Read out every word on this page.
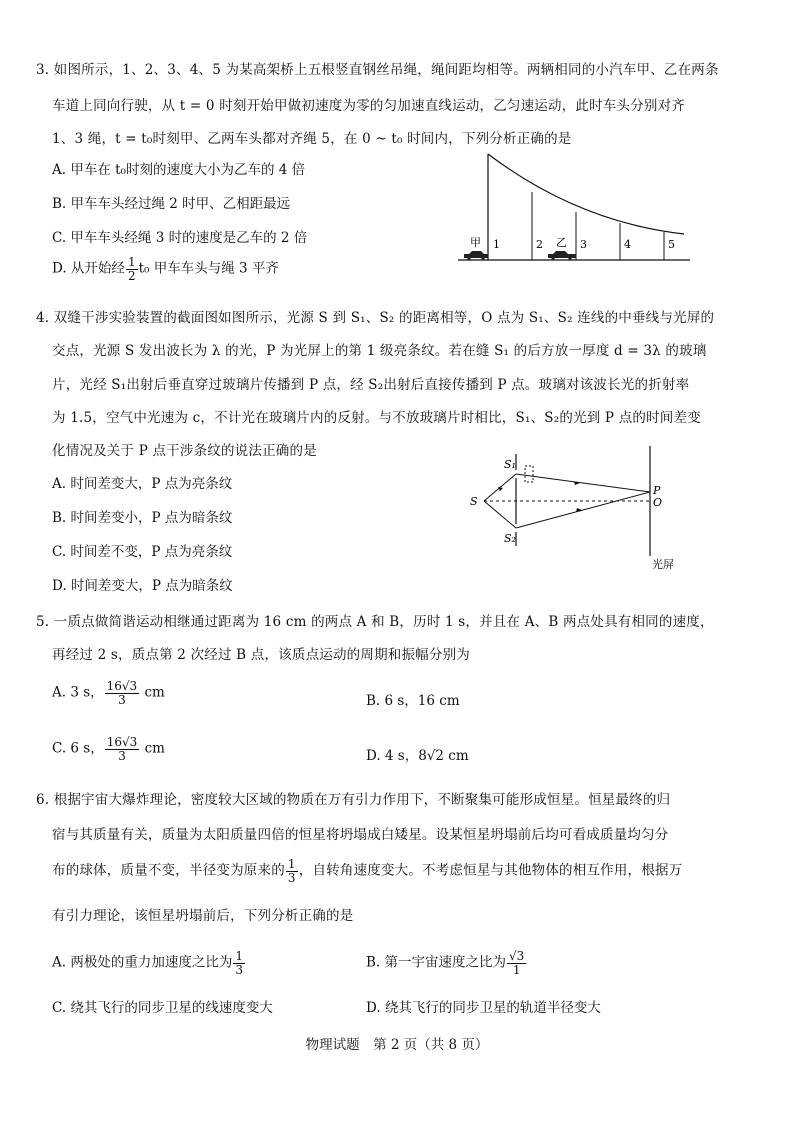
3. 如图所示，1、2、3、4、5 为某高架桥上五根竖直钢丝吊绳，绳间距均相等。两辆相同的小汽车甲、乙在两条
车道上同向行驶，从 t = 0 时刻开始甲做初速度为零的匀加速直线运动，乙匀速运动，此时车头分别对齐
1、3 绳，t = t₀时刻甲、乙两车头都对齐绳 5，在 0 ~ t₀ 时间内，下列分析正确的是
A. 甲车在 t₀时刻的速度大小为乙车的 4 倍
B. 甲车车头经过绳 2 时甲、乙相距最远
C. 甲车车头经绳 3 时的速度是乙车的 2 倍
D. 从开始经 $\frac{1}{2} t_0$ 甲车车头与绳 3 平齐
1	2	3	4	5
甲	乙
4. 双缝干涉实验装置的截面图如图所示，光源 S 到 S₁、S₂ 的距离相等，O 点为 S₁、S₂ 连线的中垂线与光屏的
交点，光源 S 发出波长为 λ 的光，P 为光屏上的第 1 级亮条纹。若在缝 S₁ 的后方放一厚度 d = 3λ 的玻璃
片，光经 S₁出射后垂直穿过玻璃片传播到 P 点，经 S₂出射后直接传播到 P 点。玻璃对该波长光的折射率
为 1.5，空气中光速为 c，不计光在玻璃片内的反射。与不放玻璃片时相比，S₁、S₂的光到 P 点的时间差变
化情况及关于 P 点干涉条纹的说法正确的是
A. 时间差变大，P 点为亮条纹
B. 时间差变小，P 点为暗条纹
C. 时间差不变，P 点为亮条纹
D. 时间差变大，P 点为暗条纹
S
S₁
S₂
P
O
光屏
5. 一质点做简谐运动相继通过距离为 16 cm 的两点 A 和 B，历时 1 s，并且在 A、B 两点处具有相同的速度，
再经过 2 s，质点第 2 次经过 B 点，该质点运动的周期和振幅分别为
A. 3 s， $\frac{16√3}{3}$ cm
B. 6 s，16 cm
C. 6 s， $\frac{16√3}{3}$ cm	D. 4 s，8√2 cm
6. 根据宇宙大爆炸理论，密度较大区域的物质在万有引力作用下，不断聚集可能形成恒星。恒星最终的归
宿与其质量有关，质量为太阳质量四倍的恒星将坍塌成白矮星。设某恒星坍塌前后均可看成质量均匀分
布的球体，质量不变，半径变为原来的 $\frac{1}{3}$ ，自转角速度变大。不考虑恒星与其他物体的相互作用，根据万
有引力理论，该恒星坍塌前后，下列分析正确的是
A. 两极处的重力加速度之比为 $\frac{1}{3}$	B. 第一宇宙速度之比为 $\frac{√3}{1}$
C. 绕其飞行的同步卫星的线速度变大	D. 绕其飞行的同步卫星的轨道半径变大
物理试题　第 2 页（共 8 页）
